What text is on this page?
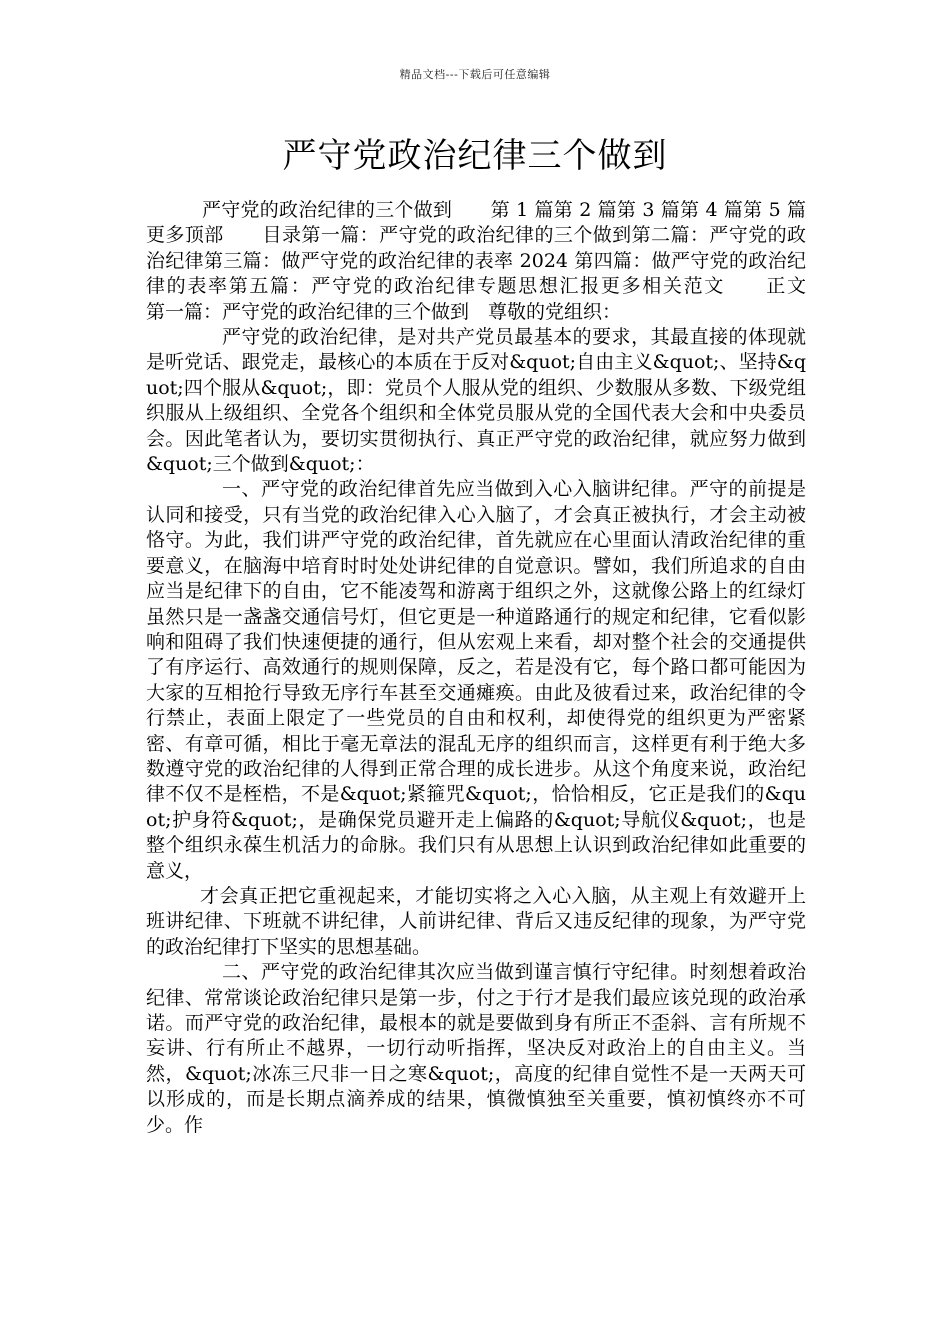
精品文档---下载后可任意编辑
严守党政治纪律三个做到

严守党的政治纪律的三个做到　　第 1 篇第 2 篇第 3 篇第 4 篇第 5 篇更多顶部　　目录第一篇：严守党的政治纪律的三个做到第二篇：严守党的政治纪律第三篇：做严守党的政治纪律的表率 2024 第四篇：做严守党的政治纪律的表率第五篇：严守党的政治纪律专题思想汇报更多相关范文　　正文　　第一篇：严守党的政治纪律的三个做到　尊敬的党组织：

严守党的政治纪律，是对共产党员最基本的要求，其最直接的体现就是听党话、跟党走，最核心的本质在于反对&quot;自由主义&quot;、坚持&quot;四个服从&quot;，即：党员个人服从党的组织、少数服从多数、下级党组织服从上级组织、全党各个组织和全体党员服从党的全国代表大会和中央委员会。因此笔者认为，要切实贯彻执行、真正严守党的政治纪律，就应努力做到&quot;三个做到&quot;：

一、严守党的政治纪律首先应当做到入心入脑讲纪律。严守的前提是认同和接受，只有当党的政治纪律入心入脑了，才会真正被执行，才会主动被恪守。为此，我们讲严守党的政治纪律，首先就应在心里面认清政治纪律的重要意义，在脑海中培育时时处处讲纪律的自觉意识。譬如，我们所追求的自由应当是纪律下的自由，它不能凌驾和游离于组织之外，这就像公路上的红绿灯虽然只是一盏盏交通信号灯，但它更是一种道路通行的规定和纪律，它看似影响和阻碍了我们快速便捷的通行，但从宏观上来看，却对整个社会的交通提供了有序运行、高效通行的规则保障，反之，若是没有它，每个路口都可能因为大家的互相抢行导致无序行车甚至交通瘫痪。由此及彼看过来，政治纪律的令行禁止，表面上限定了一些党员的自由和权利，却使得党的组织更为严密紧密、有章可循，相比于毫无章法的混乱无序的组织而言，这样更有利于绝大多数遵守党的政治纪律的人得到正常合理的成长进步。从这个角度来说，政治纪律不仅不是桎梏，不是&quot;紧箍咒&quot;，恰恰相反，它正是我们的&quot;护身符&quot;，是确保党员避开走上偏路的&quot;导航仪&quot;，也是整个组织永葆生机活力的命脉。我们只有从思想上认识到政治纪律如此重要的意义，

才会真正把它重视起来，才能切实将之入心入脑，从主观上有效避开上班讲纪律、下班就不讲纪律，人前讲纪律、背后又违反纪律的现象，为严守党的政治纪律打下坚实的思想基础。

二、严守党的政治纪律其次应当做到谨言慎行守纪律。时刻想着政治纪律、常常谈论政治纪律只是第一步，付之于行才是我们最应该兑现的政治承诺。而严守党的政治纪律，最根本的就是要做到身有所正不歪斜、言有所规不妄讲、行有所止不越界，一切行动听指挥，坚决反对政治上的自由主义。当然，&quot;冰冻三尺非一日之寒&quot;，高度的纪律自觉性不是一天两天可以形成的，而是长期点滴养成的结果，慎微慎独至关重要，慎初慎终亦不可少。作
